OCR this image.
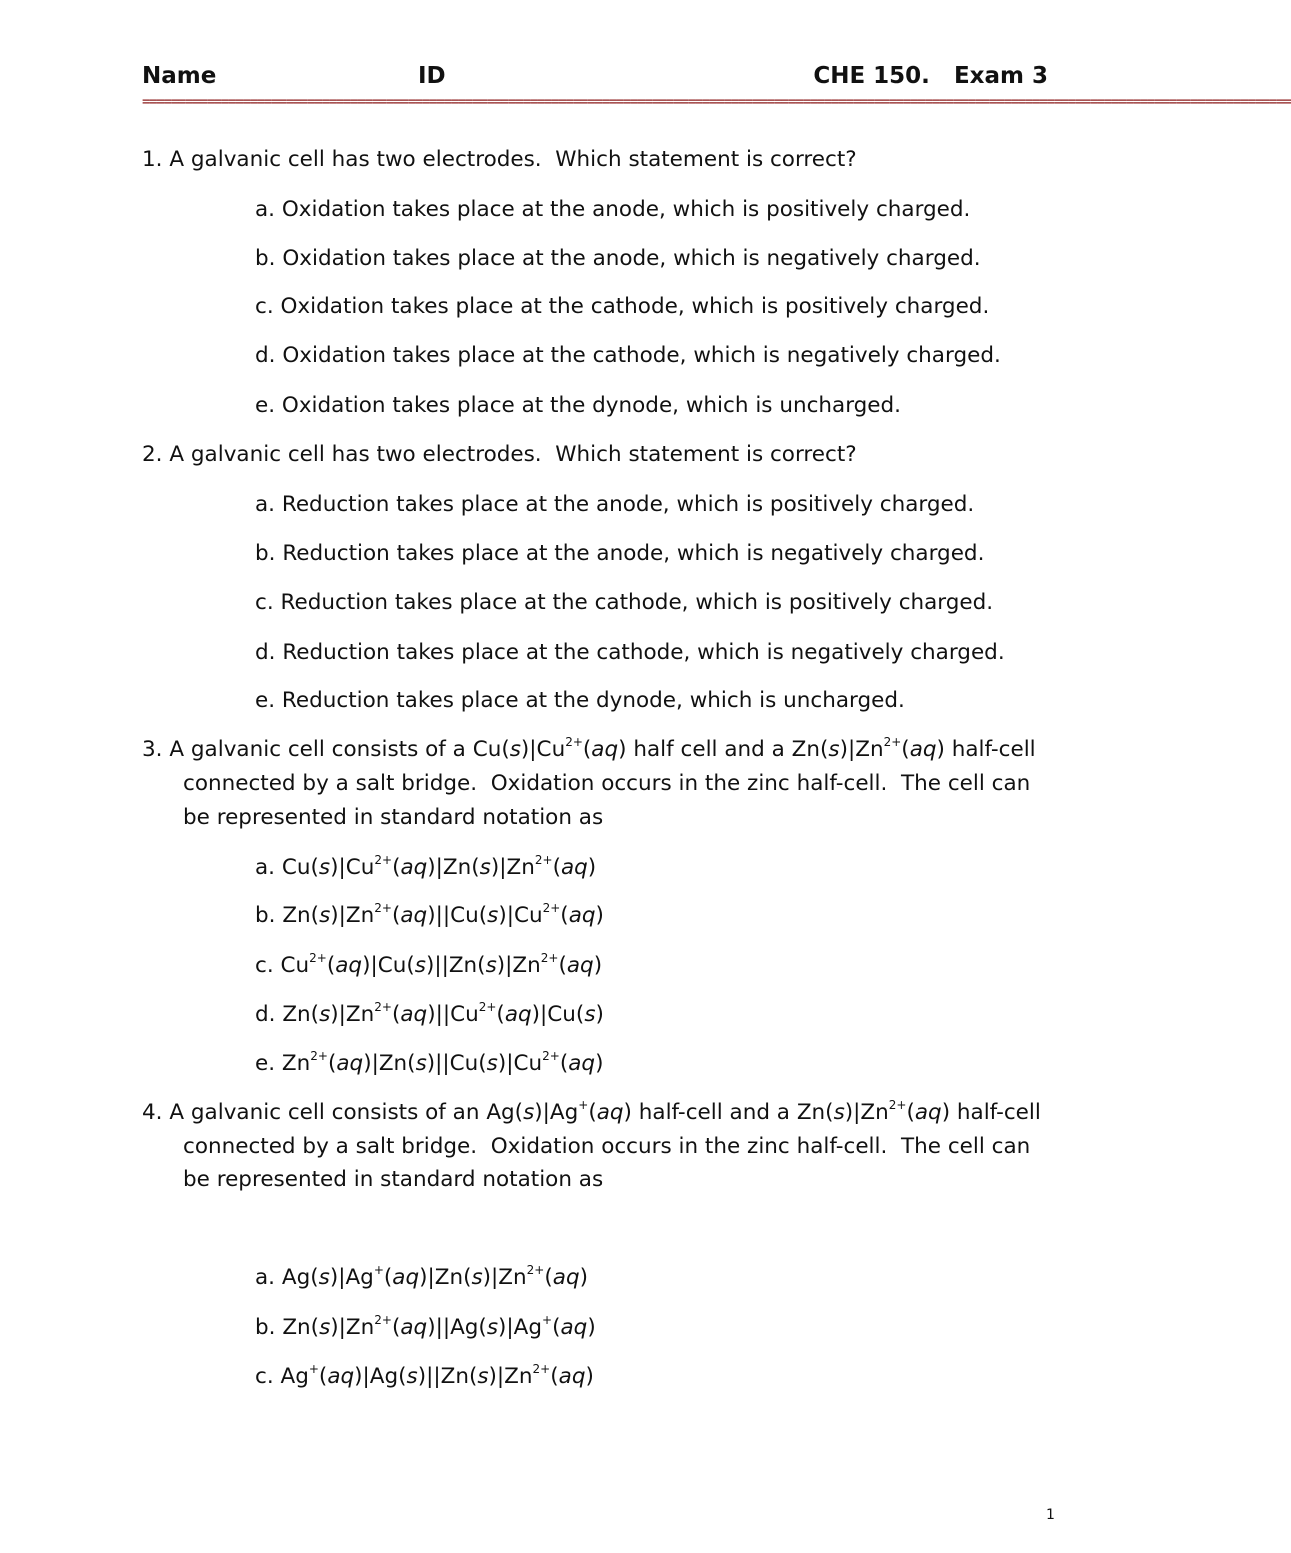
Name	ID	CHE 150.   Exam 3
================================================================================================================================================================
1. A galvanic cell has two electrodes.  Which statement is correct?
a. Oxidation takes place at the anode, which is positively charged.
b. Oxidation takes place at the anode, which is negatively charged.
c. Oxidation takes place at the cathode, which is positively charged.
d. Oxidation takes place at the cathode, which is negatively charged.
e. Oxidation takes place at the dynode, which is uncharged.
2. A galvanic cell has two electrodes.  Which statement is correct?
a. Reduction takes place at the anode, which is positively charged.
b. Reduction takes place at the anode, which is negatively charged.
c. Reduction takes place at the cathode, which is positively charged.
d. Reduction takes place at the cathode, which is negatively charged.
e. Reduction takes place at the dynode, which is uncharged.
3. A galvanic cell consists of a $Cu(s)|Cu^{2+}(aq)$ half cell and a $Zn(s)|Zn^{2+}(aq)$ half-cell
connected by a salt bridge.  Oxidation occurs in the zinc half-cell.  The cell can
be represented in standard notation as
a. $Cu(s)|Cu^{2+}(aq)|Zn(s)|Zn^{2+}(aq)$
b. $Zn(s)|Zn^{2+}(aq)||Cu(s)|Cu^{2+}(aq)$
c. $Cu^{2+}(aq)|Cu(s)||Zn(s)|Zn^{2+}(aq)$
d. $Zn(s)|Zn^{2+}(aq)||Cu^{2+}(aq)|Cu(s)$
e. $Zn^{2+}(aq)|Zn(s)||Cu(s)|Cu^{2+}(aq)$
4. A galvanic cell consists of an Ag(s)|Ag+(aq) half-cell and a $Zn(s)|Zn^{2+}(aq)$ half-cell
connected by a salt bridge.  Oxidation occurs in the zinc half-cell.  The cell can
be represented in standard notation as
a. $Ag(s)|Ag^+(aq)|Zn(s)|Zn^{2+}(aq)$
b. $Zn(s)|Zn^{2+}(aq)||Ag(s)|Ag^+(aq)$
c. $Ag^+(aq)|Ag(s)||Zn(s)|Zn^{2+}(aq)$
1
